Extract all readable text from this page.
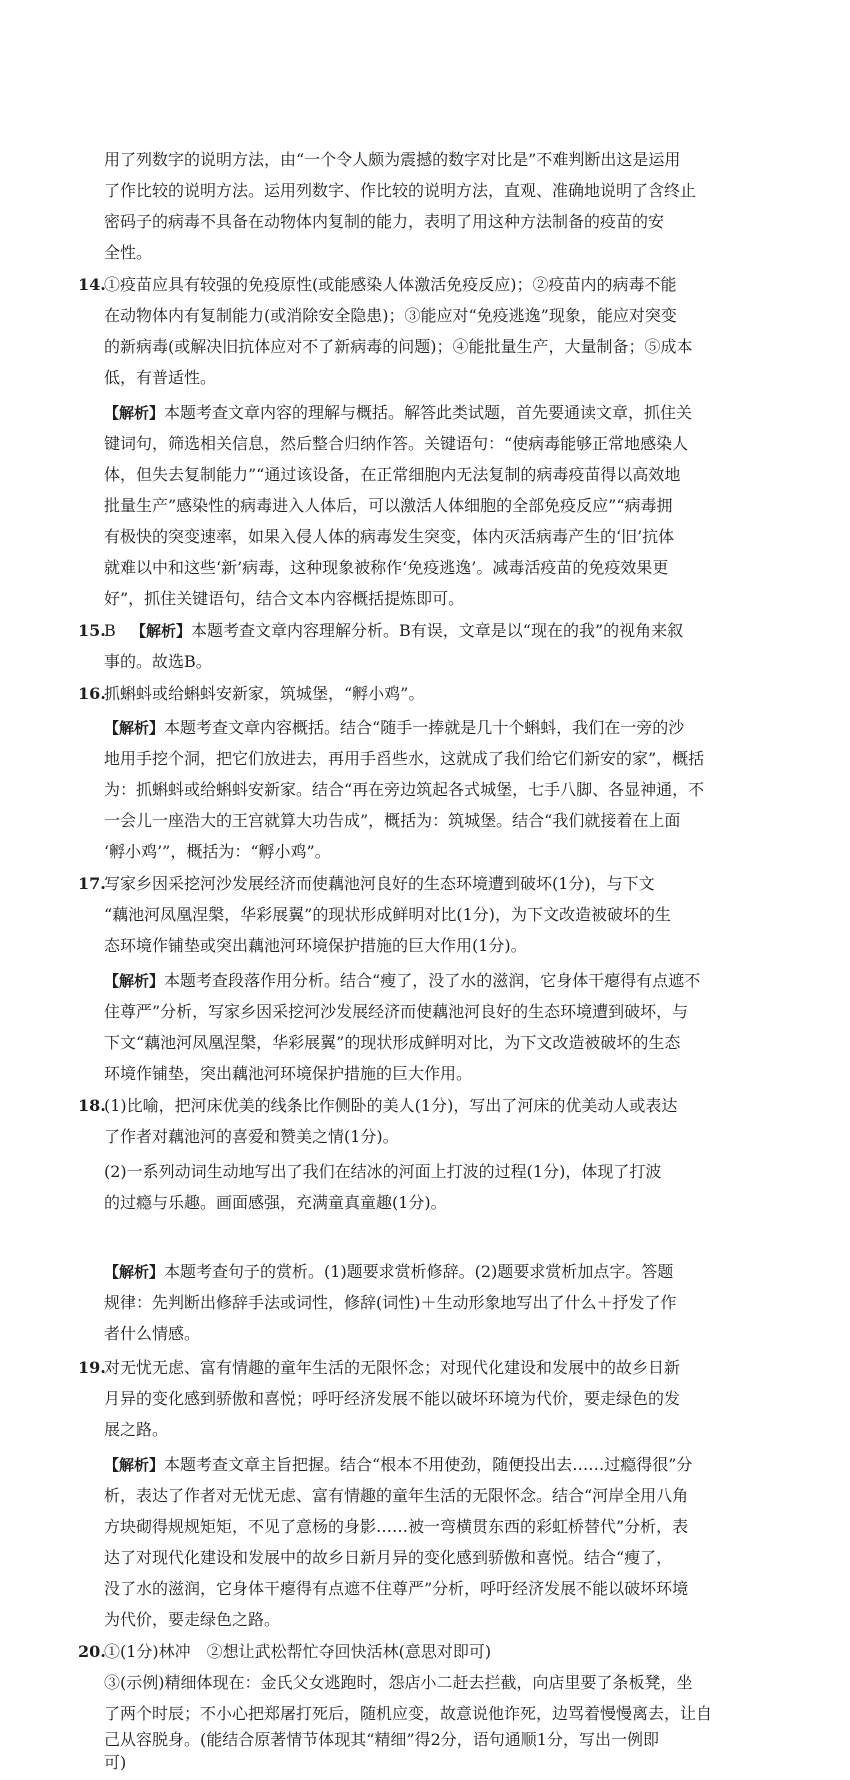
用了列数字的说明方法，由“一个令人颇为震撼的数字对比是”不难判断出这是运用
了作比较的说明方法。运用列数字、作比较的说明方法，直观、准确地说明了含终止
密码子的病毒不具备在动物体内复制的能力，表明了用这种方法制备的疫苗的安
全性。
14.
①疫苗应具有较强的免疫原性(或能感染人体激活免疫反应)；②疫苗内的病毒不能
在动物体内有复制能力(或消除安全隐患)；③能应对“免疫逃逸”现象，能应对突变
的新病毒(或解决旧抗体应对不了新病毒的问题)；④能批量生产，大量制备；⑤成本
低，有普适性。
【解析】本题考查文章内容的理解与概括。解答此类试题，首先要通读文章，抓住关
键词句，筛选相关信息，然后整合归纳作答。关键语句：“使病毒能够正常地感染人
体，但失去复制能力”“通过该设备，在正常细胞内无法复制的病毒疫苗得以高效地
批量生产”感染性的病毒进入人体后，可以激活人体细胞的全部免疫反应”“病毒拥
有极快的突变速率，如果入侵人体的病毒发生突变，体内灭活病毒产生的‘旧’抗体
就难以中和这些‘新’病毒，这种现象被称作‘免疫逃逸’。减毒活疫苗的免疫效果更
好”，抓住关键语句，结合文本内容概括提炼即可。
15.
B 【解析】本题考查文章内容理解分析。B有误，文章是以“现在的我”的视角来叙
事的。故选B。
16.
抓蝌蚪或给蝌蚪安新家，筑城堡，“孵小鸡”。
【解析】本题考查文章内容概括。结合“随手一捧就是几十个蝌蚪，我们在一旁的沙
地用手挖个洞，把它们放进去，再用手舀些水，这就成了我们给它们新安的家”，概括
为：抓蝌蚪或给蝌蚪安新家。结合“再在旁边筑起各式城堡，七手八脚、各显神通，不
一会儿一座浩大的王宫就算大功告成”，概括为：筑城堡。结合“我们就接着在上面
‘孵小鸡’”，概括为：“孵小鸡”。
17.
写家乡因采挖河沙发展经济而使藕池河良好的生态环境遭到破坏(1分)，与下文
“藕池河凤凰涅槃，华彩展翼”的现状形成鲜明对比(1分)，为下文改造被破坏的生
态环境作铺垫或突出藕池河环境保护措施的巨大作用(1分)。
【解析】本题考查段落作用分析。结合“瘦了，没了水的滋润，它身体干瘪得有点遮不
住尊严”分析，写家乡因采挖河沙发展经济而使藕池河良好的生态环境遭到破坏，与
下文“藕池河凤凰涅槃，华彩展翼”的现状形成鲜明对比，为下文改造被破坏的生态
环境作铺垫，突出藕池河环境保护措施的巨大作用。
18.
(1)比喻，把河床优美的线条比作侧卧的美人(1分)，写出了河床的优美动人或表达
了作者对藕池河的喜爱和赞美之情(1分)。
(2)一系列动词生动地写出了我们在结冰的河面上打波的过程(1分)，体现了打波
的过瘾与乐趣。画面感强，充满童真童趣(1分)。
【解析】本题考查句子的赏析。(1)题要求赏析修辞。(2)题要求赏析加点字。答题
规律：先判断出修辞手法或词性，修辞(词性)＋生动形象地写出了什么＋抒发了作
者什么情感。
19.
对无忧无虑、富有情趣的童年生活的无限怀念；对现代化建设和发展中的故乡日新
月异的变化感到骄傲和喜悦；呼吁经济发展不能以破坏环境为代价，要走绿色的发
展之路。
【解析】本题考查文章主旨把握。结合“根本不用使劲，随便投出去……过瘾得很”分
析，表达了作者对无忧无虑、富有情趣的童年生活的无限怀念。结合“河岸全用八角
方块砌得规规矩矩，不见了意杨的身影……被一弯横贯东西的彩虹桥替代”分析，表
达了对现代化建设和发展中的故乡日新月异的变化感到骄傲和喜悦。结合“瘦了，
没了水的滋润，它身体干瘪得有点遮不住尊严”分析，呼吁经济发展不能以破坏环境
为代价，要走绿色之路。
20.
①(1分)林冲　②想让武松帮忙夺回快活林(意思对即可)
③(示例)精细体现在：金氏父女逃跑时，怨店小二赶去拦截，向店里要了条板凳，坐
了两个时辰；不小心把郑屠打死后，随机应变，故意说他诈死，边骂着慢慢离去，让自
己从容脱身。(能结合原著情节体现其“精细”得2分，语句通顺1分，写出一例即
可)
